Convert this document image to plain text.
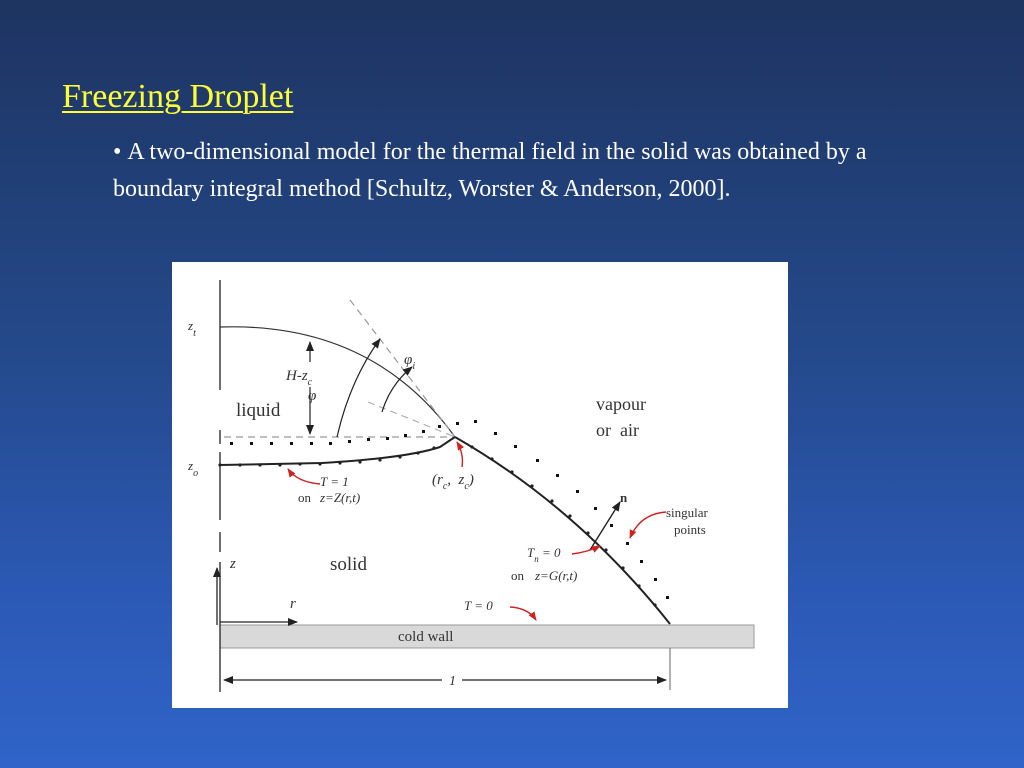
Freezing Droplet
• A two-dimensional model for the thermal field in the solid was obtained by a boundary integral method [Schultz, Worster & Anderson, 2000].
cold wall
z
r
$z_t$
$z_o$
φ
$\varphi_i$
$H-z_c$
liquid
solid
vapour
or  air
n
($r_c$,  $z_c$)
T = 1
on z=Z(r,t)
$T_n = 0$
on z=G(r,t)
T = 0
singular
points
1
